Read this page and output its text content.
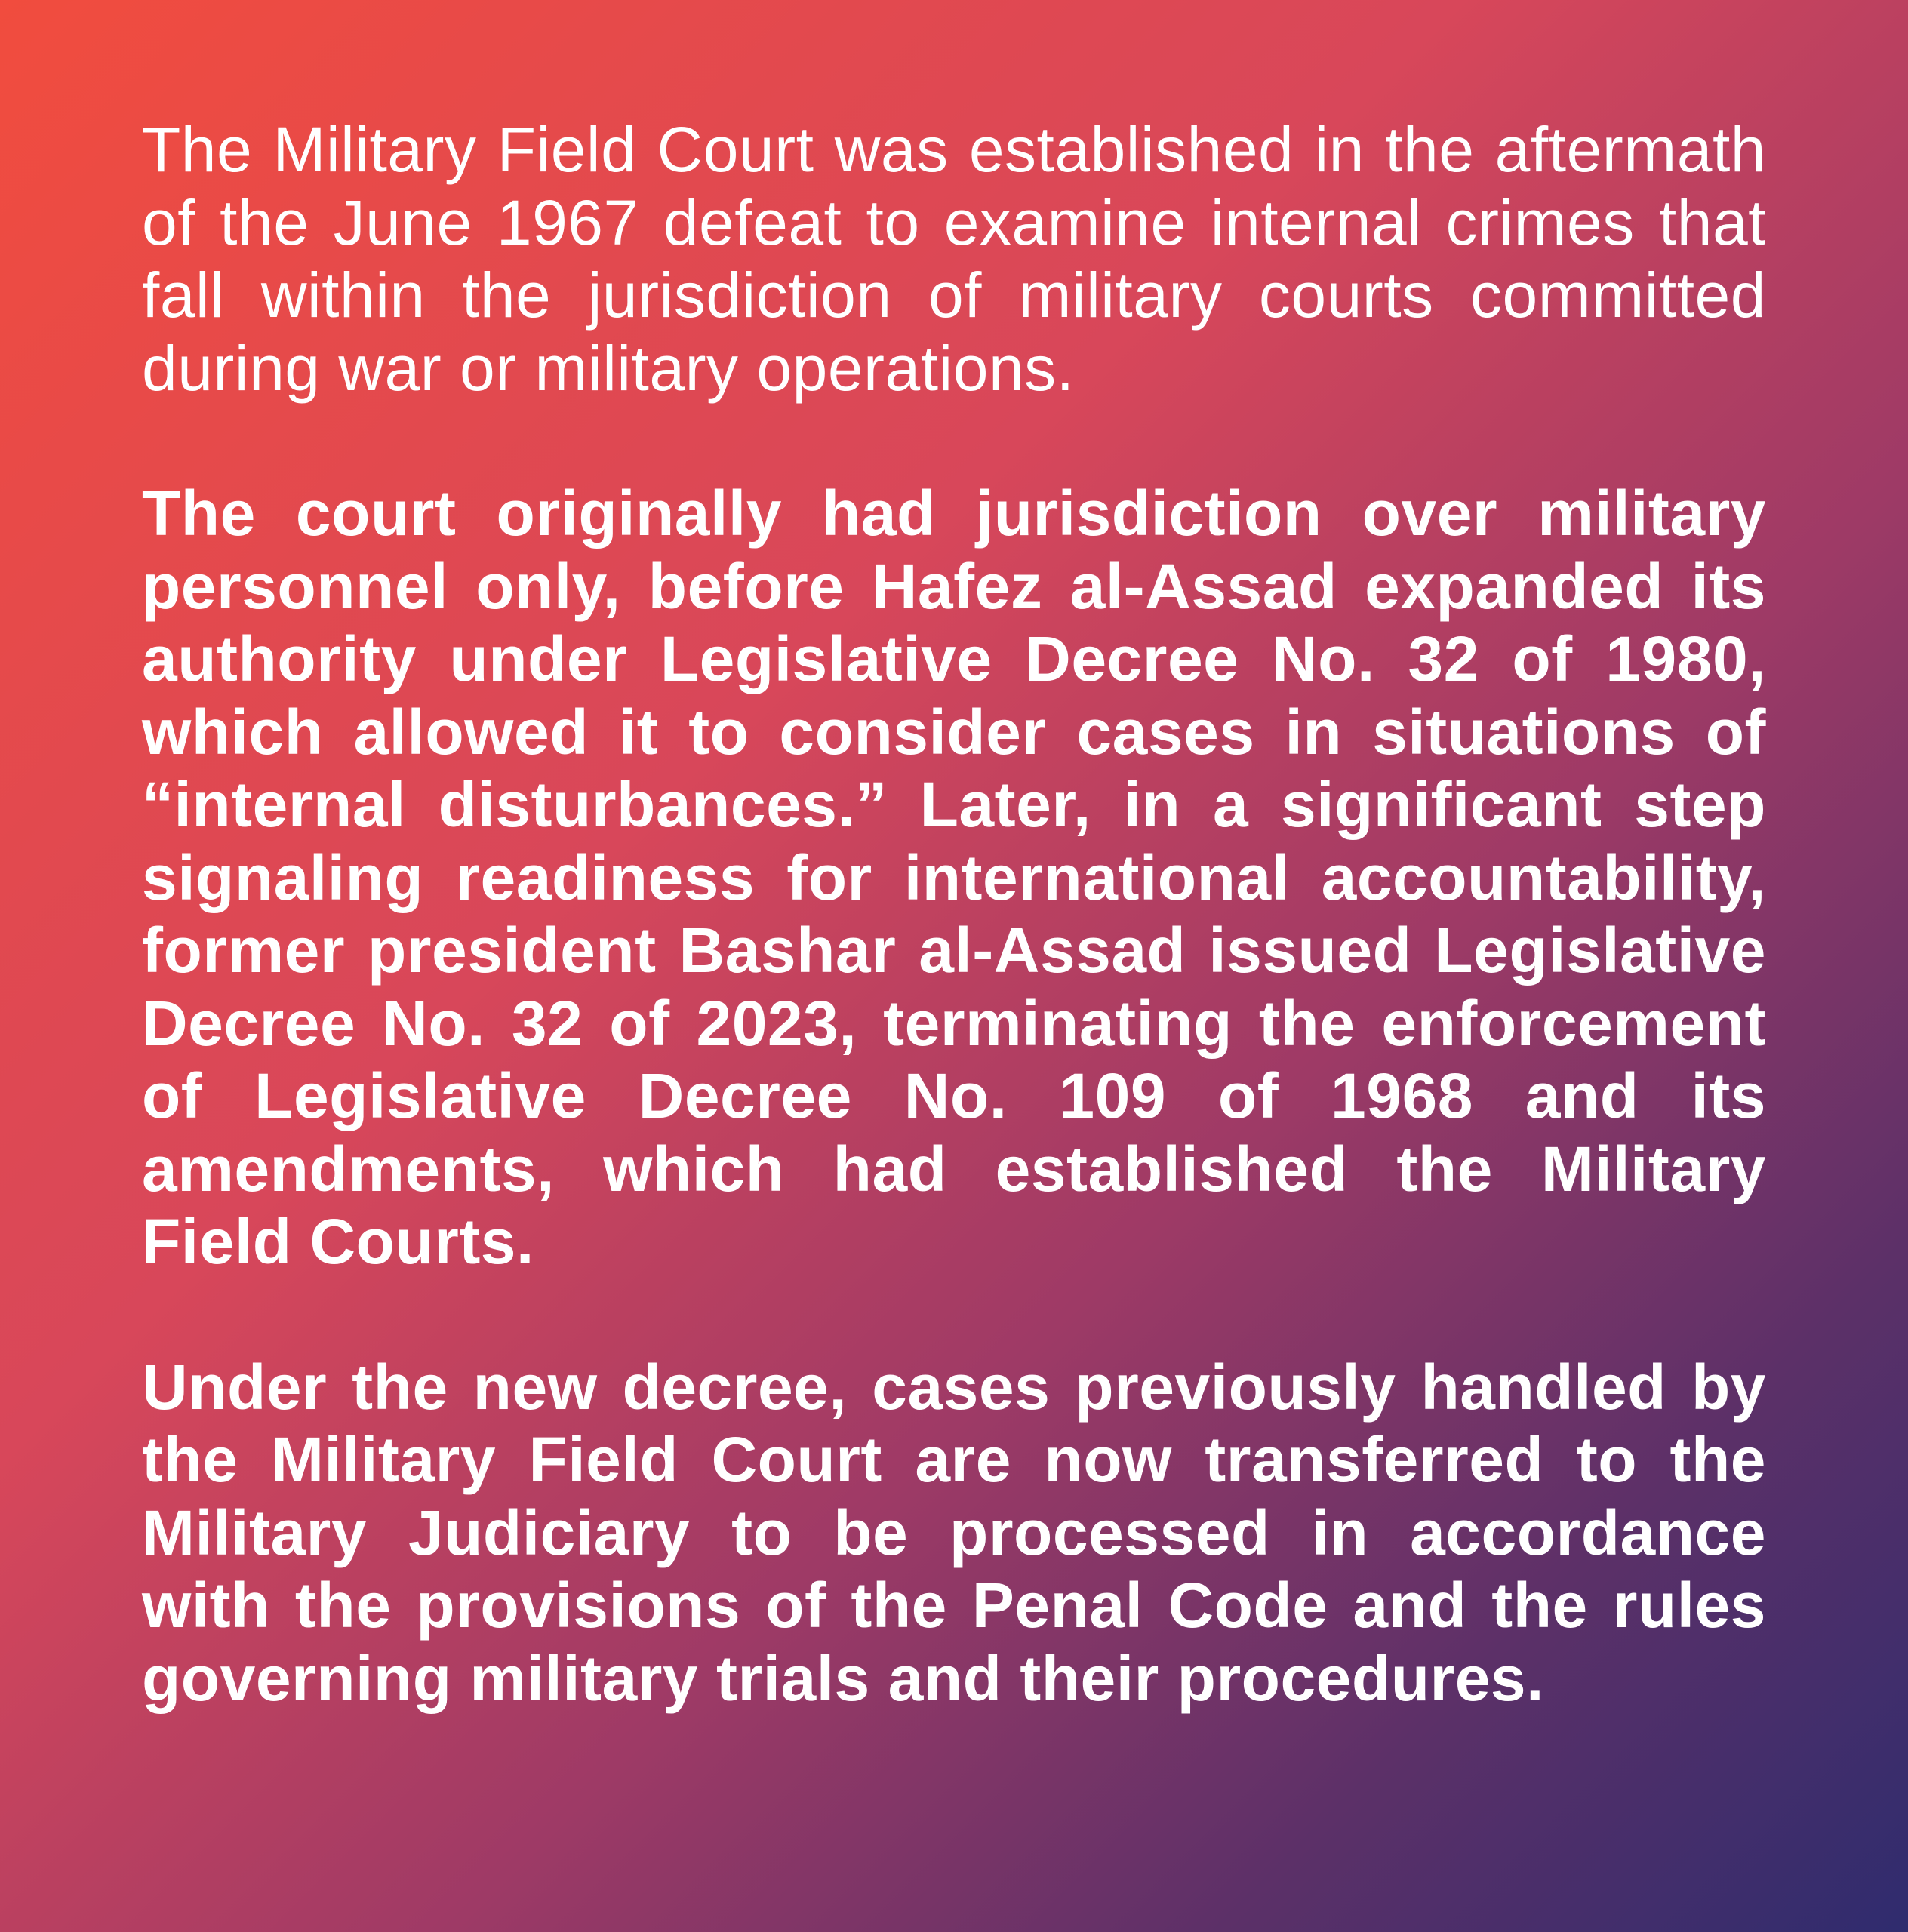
The Military Field Court was established in the aftermath of the June 1967 defeat to examine internal crimes that fall within the jurisdiction of military courts committed during war or military operations.

The court originally had jurisdiction over military personnel only, before Hafez al-Assad expanded its authority under Legislative Decree No. 32 of 1980, which allowed it to consider cases in situations of “internal disturbances.” Later, in a significant step signaling readiness for international accountability, former president Bashar al-Assad issued Legislative Decree No. 32 of 2023, terminating the enforcement of Legislative Decree No. 109 of 1968 and its amendments, which had established the Military Field Courts.

Under the new decree, cases previously handled by the Military Field Court are now transferred to the Military Judiciary to be processed in accordance with the provisions of the Penal Code and the rules governing military trials and their procedures.
